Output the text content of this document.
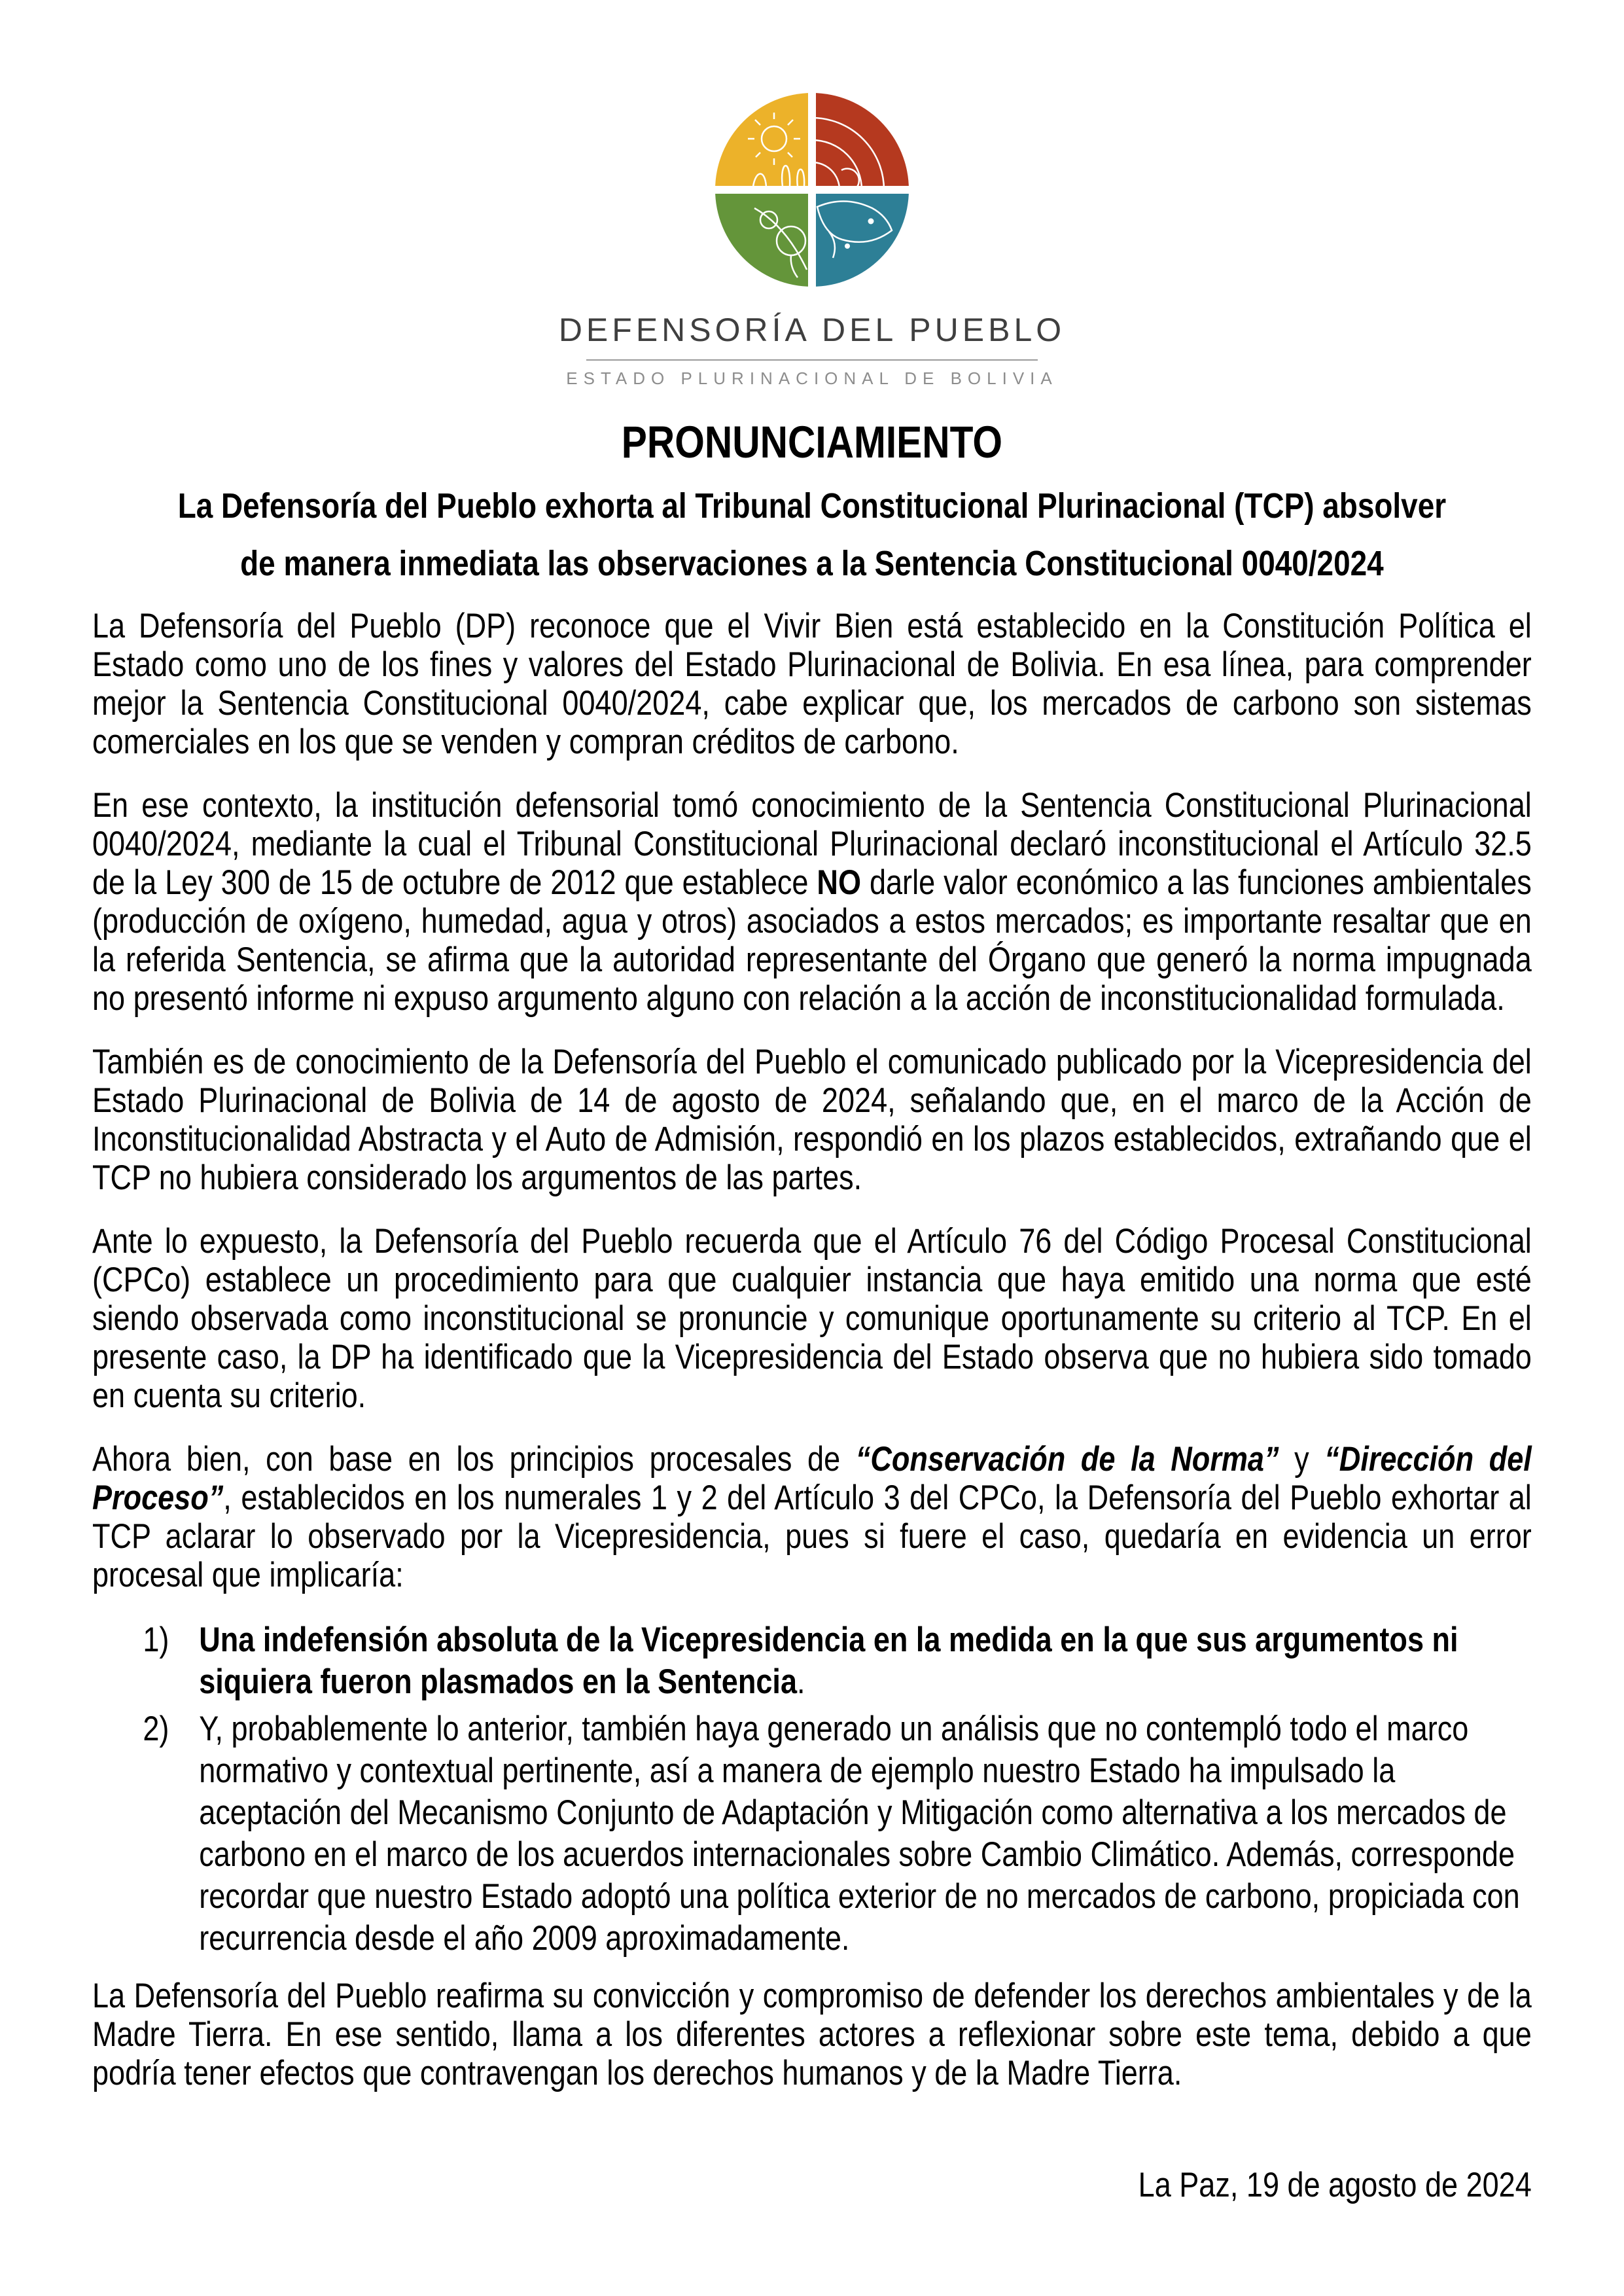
DEFENSORÍA DEL PUEBLO
ESTADO PLURINACIONAL DE BOLIVIA
PRONUNCIAMIENTO
La Defensoría del Pueblo exhorta al Tribunal Constitucional Plurinacional (TCP) absolver
de manera inmediata las observaciones a la Sentencia Constitucional 0040/2024

La Defensoría del Pueblo (DP) reconoce que el Vivir Bien está establecido en la Constitución Política el Estado como uno de los fines y valores del Estado Plurinacional de Bolivia. En esa línea, para comprender mejor la Sentencia Constitucional 0040/2024, cabe explicar que, los mercados de carbono son sistemas comerciales en los que se venden y compran créditos de carbono.

En ese contexto, la institución defensorial tomó conocimiento de la Sentencia Constitucional Plurinacional 0040/2024, mediante la cual el Tribunal Constitucional Plurinacional declaró inconstitucional el Artículo 32.5 de la Ley 300 de 15 de octubre de 2012 que establece NO darle valor económico a las funciones ambientales (producción de oxígeno, humedad, agua y otros) asociados a estos mercados; es importante resaltar que en la referida Sentencia, se afirma que la autoridad representante del Órgano que generó la norma impugnada no presentó informe ni expuso argumento alguno con relación a la acción de inconstitucionalidad formulada.

También es de conocimiento de la Defensoría del Pueblo el comunicado publicado por la Vicepresidencia del Estado Plurinacional de Bolivia de 14 de agosto de 2024, señalando que, en el marco de la Acción de Inconstitucionalidad Abstracta y el Auto de Admisión, respondió en los plazos establecidos, extrañando que el TCP no hubiera considerado los argumentos de las partes.

Ante lo expuesto, la Defensoría del Pueblo recuerda que el Artículo 76 del Código Procesal Constitucional (CPCo) establece un procedimiento para que cualquier instancia que haya emitido una norma que esté siendo observada como inconstitucional se pronuncie y comunique oportunamente su criterio al TCP. En el presente caso, la DP ha identificado que la Vicepresidencia del Estado observa que no hubiera sido tomado en cuenta su criterio.

Ahora bien, con base en los principios procesales de “Conservación de la Norma” y “Dirección del Proceso”, establecidos en los numerales 1 y 2 del Artículo 3 del CPCo, la Defensoría del Pueblo exhortar al TCP aclarar lo observado por la Vicepresidencia, pues si fuere el caso, quedaría en evidencia un error procesal que implicaría:

1) Una indefensión absoluta de la Vicepresidencia en la medida en la que sus argumentos ni siquiera fueron plasmados en la Sentencia.
2) Y, probablemente lo anterior, también haya generado un análisis que no contempló todo el marco normativo y contextual pertinente, así a manera de ejemplo nuestro Estado ha impulsado la aceptación del Mecanismo Conjunto de Adaptación y Mitigación como alternativa a los mercados de carbono en el marco de los acuerdos internacionales sobre Cambio Climático. Además, corresponde recordar que nuestro Estado adoptó una política exterior de no mercados de carbono, propiciada con recurrencia desde el año 2009 aproximadamente.

La Defensoría del Pueblo reafirma su convicción y compromiso de defender los derechos ambientales y de la Madre Tierra. En ese sentido, llama a los diferentes actores a reflexionar sobre este tema, debido a que podría tener efectos que contravengan los derechos humanos y de la Madre Tierra.

La Paz, 19 de agosto de 2024
